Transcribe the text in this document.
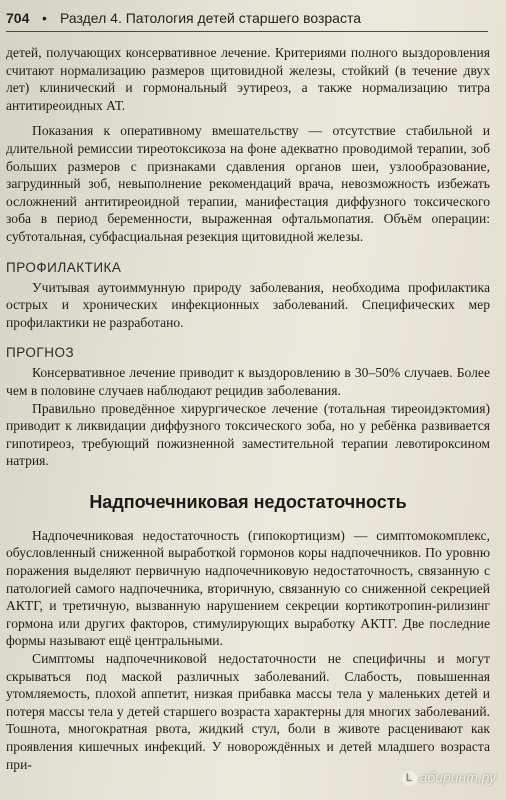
704 • Раздел 4. Патология детей старшего возраста

детей, получающих консервативное лечение. Критериями полного выздоровления считают нормализацию размеров щитовидной железы, стойкий (в течение двух лет) клинический и гормональный эутиреоз, а также нормализацию титра антитиреоидных АТ.

Показания к оперативному вмешательству — отсутствие стабильной и длительной ремиссии тиреотоксикоза на фоне адекватно проводимой терапии, зоб больших размеров с признаками сдавления органов шеи, узлообразование, загрудинный зоб, невыполнение рекомендаций врача, невозможность избежать осложнений антитиреоидной терапии, манифестация диффузного токсического зоба в период беременности, выраженная офтальмопатия. Объём операции: субтотальная, субфасциальная резекция щитовидной железы.

ПРОФИЛАКТИКА

Учитывая аутоиммунную природу заболевания, необходима профилактика острых и хронических инфекционных заболеваний. Специфических мер профилактики не разработано.

ПРОГНОЗ

Консервативное лечение приводит к выздоровлению в 30–50% случаев. Более чем в половине случаев наблюдают рецидив заболевания.

Правильно проведённое хирургическое лечение (тотальная тиреоидэктомия) приводит к ликвидации диффузного токсического зоба, но у ребёнка развивается гипотиреоз, требующий пожизненной заместительной терапии левотироксином натрия.

Надпочечниковая недостаточность

Надпочечниковая недостаточность (гипокортицизм) — симптомокомплекс, обусловленный сниженной выработкой гормонов коры надпочечников. По уровню поражения выделяют первичную надпочечниковую недостаточность, связанную с патологией самого надпочечника, вторичную, связанную со сниженной секрецией АКТГ, и третичную, вызванную нарушением секреции кортикотропин-рилизинг гормона или других факторов, стимулирующих выработку АКТГ. Две последние формы называют ещё центральными.

Симптомы надпочечниковой недостаточности не специфичны и могут скрываться под маской различных заболеваний. Слабость, повышенная утомляемость, плохой аппетит, низкая прибавка массы тела у маленьких детей и потеря массы тела у детей старшего возраста характерны для многих заболеваний. Тошнота, многократная рвота, жидкий стул, боли в животе расценивают как проявления кишечных инфекций. У новорождённых и детей младшего возраста при-

L абиринт.ру
